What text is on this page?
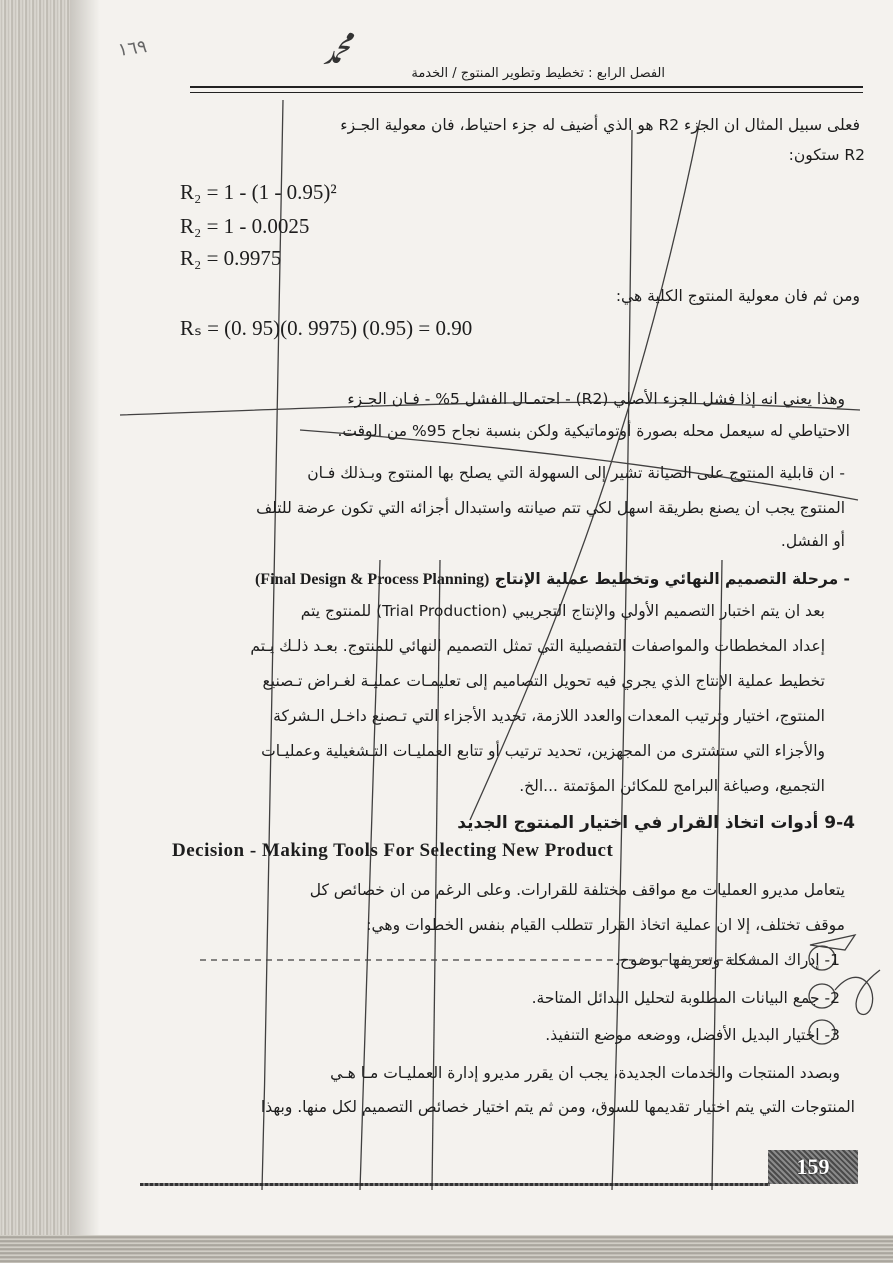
ﷴ
١٦٩
الفصل الرابع : تخطيط وتطوير المنتوج / الخدمة
فعلى سبيل المثال ان الجزء R2 هو الذي أضيف له جزء احتياط، فان معولية الجـزء
R2 ستكون:
R₂ = 1 - (1 - 0.95)²
R₂ = 1 - 0.0025
R₂ = 0.9975
ومن ثم فان معولية المنتوج الكلية هي:
Rₛ = (0. 95)(0. 9975) (0.95) = 0.90
وهذا يعني انه إذا فشل الجزء الأصلي (R2) - احتمـال الفشل 5% - فـان الجـزء
الاحتياطي له سيعمل محله بصورة أوتوماتيكية ولكن بنسبة نجاح 95% من الوقت.
- ان قابلية المنتوج على الصيانة تشير إلى السهولة التي يصلح بها المنتوج وبـذلك فـان
المنتوج يجب ان يصنع بطريقة اسهل لكي تتم صيانته واستبدال أجزائه التي تكون عرضة للتلف
أو الفشل.
- مرحلة التصميم النهائي وتخطيط عملية الإنتاج (Final Design & Process Planning)
بعد ان يتم اختبار التصميم الأولي والإنتاج التجريبي (Trial Production) للمنتوج يتم
إعداد المخططات والمواصفات التفصيلية التي تمثل التصميم النهائي للمنتوج. بعـد ذلـك يـتم
تخطيط عملية الإنتاج الذي يجري فيه تحويل التصاميم إلى تعليمـات عمليـة لغـراض تـصنيع
المنتوج، اختيار وترتيب المعدات والعدد اللازمة، تحديد الأجزاء التي تـصنع داخـل الـشركة
والأجزاء التي ستشترى من المجهزين، تحديد ترتيب أو تتابع العمليـات التـشغيلية وعمليـات
التجميع، وصياغة البرامج للمكائن المؤتمتة ...الخ.
9-4 أدوات اتخاذ القرار في اختيار المنتوج الجديد
Decision - Making Tools For Selecting New Product
يتعامل مديرو العمليات مع مواقف مختلفة للقرارات. وعلى الرغم من ان خصائص كل
موقف تختلف، إلا ان عملية اتخاذ القرار تتطلب القيام بنفس الخطوات وهي:
1- إدراك المشكلة وتعريفها بوضوح.
2- جمع البيانات المطلوبة لتحليل البدائل المتاحة.
3- اختيار البديل الأفضل، ووضعه موضع التنفيذ.
وبصدد المنتجات والخدمات الجديدة، يجب ان يقرر مديرو إدارة العمليـات مـا هـي
المنتوجات التي يتم اختيار تقديمها للسوق، ومن ثم يتم اختيار خصائص التصميم لكل منها. وبهذا
159
